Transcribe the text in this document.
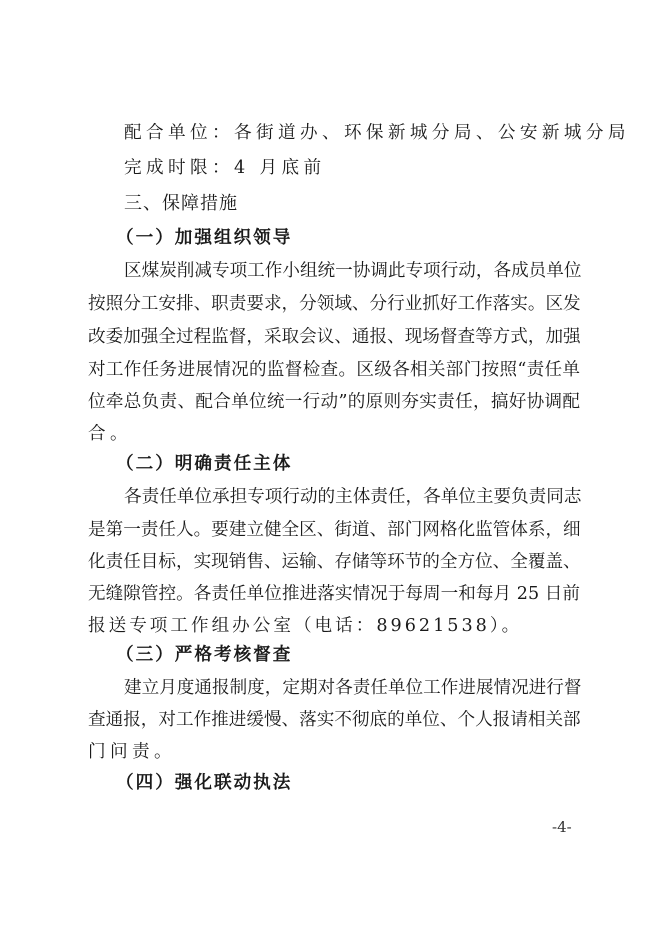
配合单位：各街道办、环保新城分局、公安新城分局
完成时限：4 月底前
三、保障措施
（一）加强组织领导
区煤炭削减专项工作小组统一协调此专项行动，各成员单位
按照分工安排、职责要求，分领域、分行业抓好工作落实。区发
改委加强全过程监督，采取会议、通报、现场督查等方式，加强
对工作任务进展情况的监督检查。区级各相关部门按照“责任单
位牵总负责、配合单位统一行动”的原则夯实责任，搞好协调配
合。
（二）明确责任主体
各责任单位承担专项行动的主体责任，各单位主要负责同志
是第一责任人。要建立健全区、街道、部门网格化监管体系，细
化责任目标，实现销售、运输、存储等环节的全方位、全覆盖、
无缝隙管控。各责任单位推进落实情况于每周一和每月 25 日前
报送专项工作组办公室（电话：89621538）。
（三）严格考核督查
建立月度通报制度，定期对各责任单位工作进展情况进行督
查通报，对工作推进缓慢、落实不彻底的单位、个人报请相关部
门问责。
（四）强化联动执法
-4-
